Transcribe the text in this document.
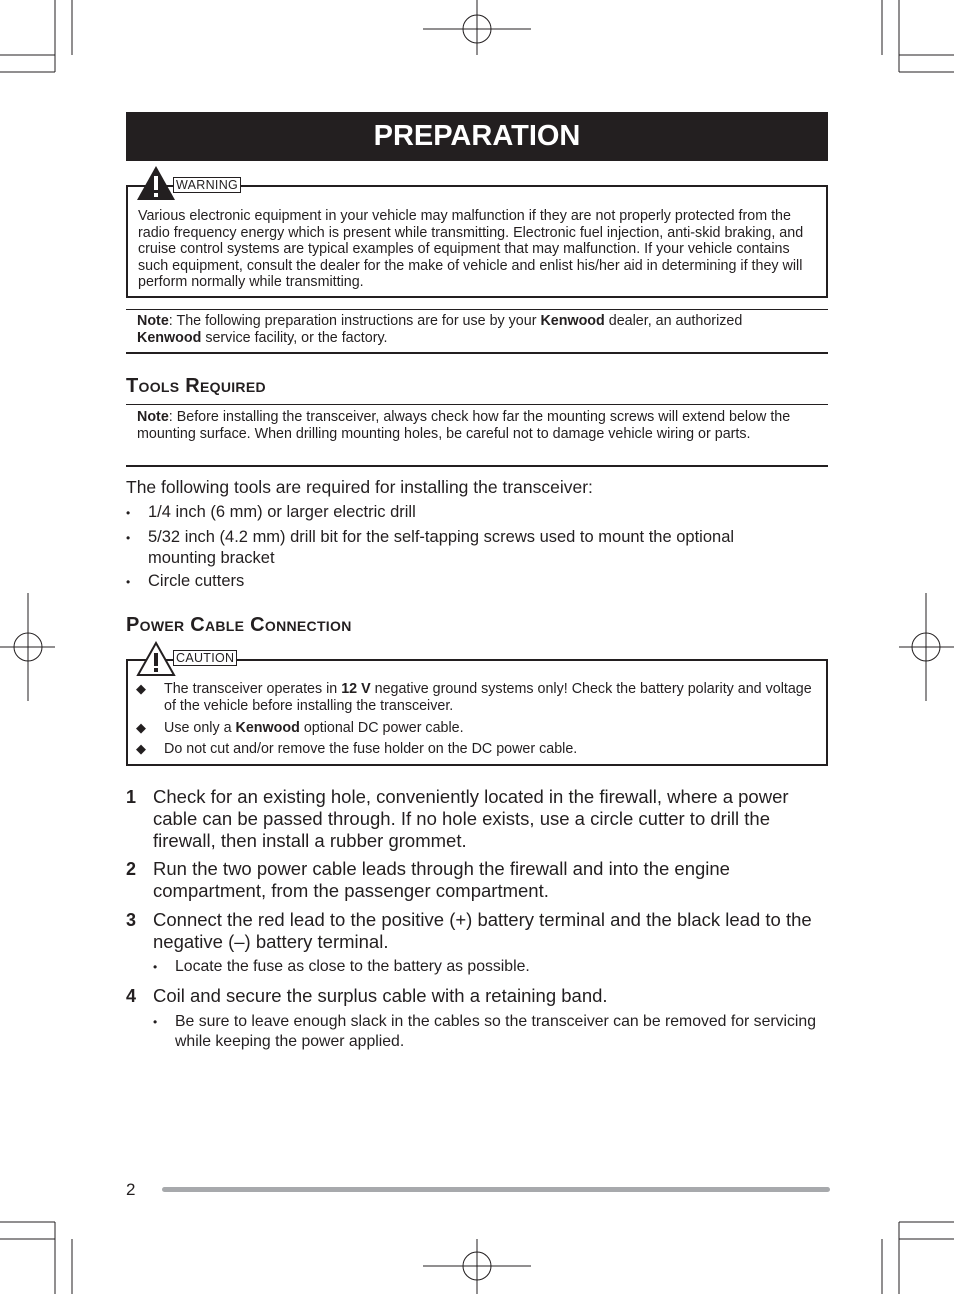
PREPARATION
Various electronic equipment in your vehicle may malfunction if they are not properly protected from the radio frequency energy which is present while transmitting. Electronic fuel injection, anti-skid braking, and cruise control systems are typical examples of equipment that may malfunction. If your vehicle contains such equipment, consult the dealer for the make of vehicle and enlist his/her aid in determining if they will perform normally while transmitting.
WARNING
Note: The following preparation instructions are for use by your Kenwood dealer, an authorized
Kenwood service facility, or the factory.
Tools Required
Note: Before installing the transceiver, always check how far the mounting screws will extend below the mounting surface. When drilling mounting holes, be careful not to damage vehicle wiring or parts.
The following tools are required for installing the transceiver:
• 1/4 inch (6 mm) or larger electric drill
• 5/32 inch (4.2 mm) drill bit for the self-tapping screws used to mount the optional mounting bracket
• Circle cutters
Power Cable Connection
CAUTION
◆ The transceiver operates in 12 V negative ground systems only! Check the battery polarity and voltage of the vehicle before installing the transceiver.
◆ Use only a Kenwood optional DC power cable.
◆ Do not cut and/or remove the fuse holder on the DC power cable.
1 Check for an existing hole, conveniently located in the firewall, where a power cable can be passed through. If no hole exists, use a circle cutter to drill the firewall, then install a rubber grommet.
2 Run the two power cable leads through the firewall and into the engine compartment, from the passenger compartment.
3 Connect the red lead to the positive (+) battery terminal and the black lead to the negative (–) battery terminal.
• Locate the fuse as close to the battery as possible.
4 Coil and secure the surplus cable with a retaining band.
• Be sure to leave enough slack in the cables so the transceiver can be removed for servicing while keeping the power applied.
2
